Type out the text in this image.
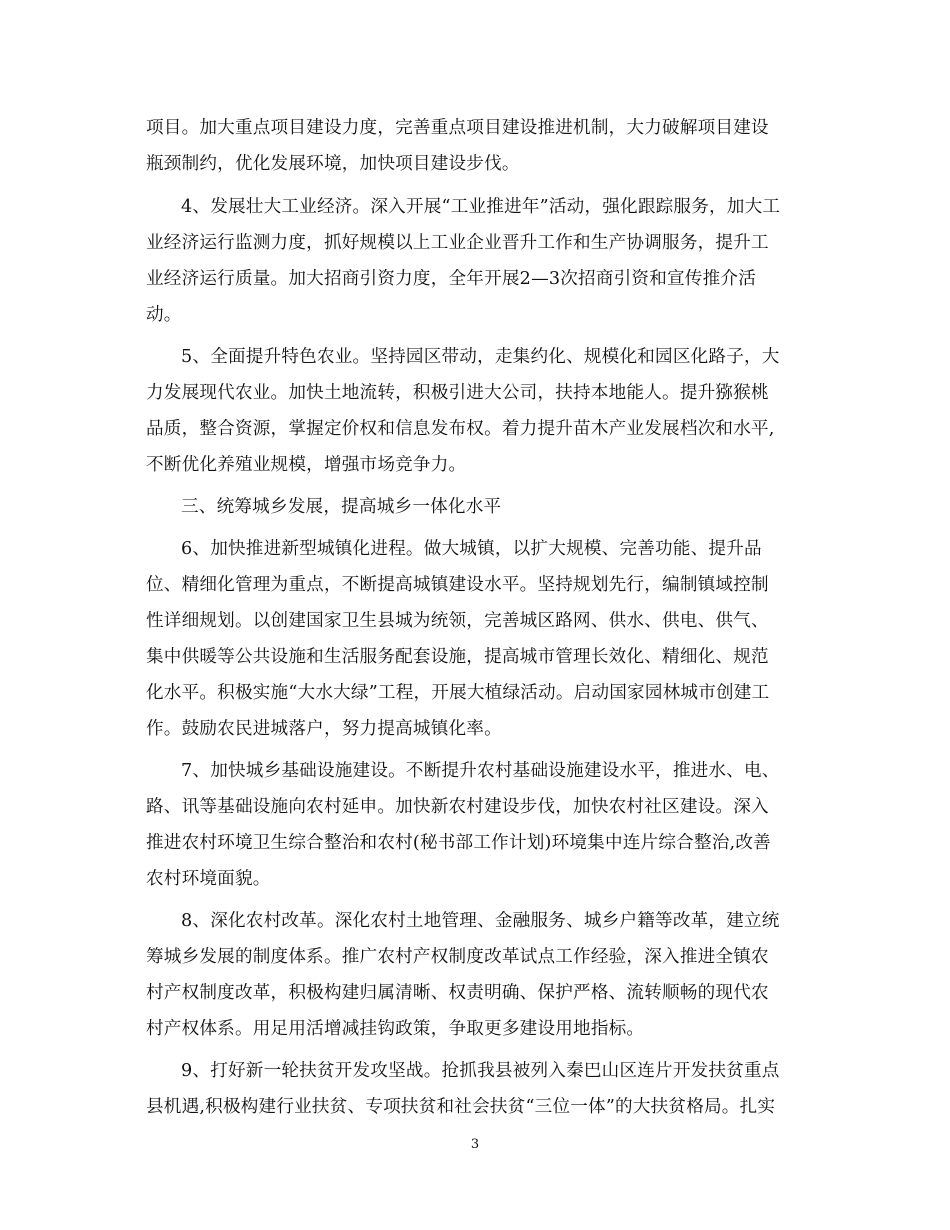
项目。加大重点项目建设力度，完善重点项目建设推进机制，大力破解项目建设
瓶颈制约，优化发展环境，加快项目建设步伐。
4、发展壮大工业经济。深入开展“工业推进年”活动，强化跟踪服务，加大工
业经济运行监测力度，抓好规模以上工业企业晋升工作和生产协调服务，提升工
业经济运行质量。加大招商引资力度，全年开展2—3次招商引资和宣传推介活
动。
5、全面提升特色农业。坚持园区带动，走集约化、规模化和园区化路子，大
力发展现代农业。加快土地流转，积极引进大公司，扶持本地能人。提升猕猴桃
品质，整合资源，掌握定价权和信息发布权。着力提升苗木产业发展档次和水平,
不断优化养殖业规模，增强市场竞争力。
三、统筹城乡发展，提高城乡一体化水平
6、加快推进新型城镇化进程。做大城镇，以扩大规模、完善功能、提升品
位、精细化管理为重点，不断提高城镇建设水平。坚持规划先行，编制镇域控制
性详细规划。以创建国家卫生县城为统领，完善城区路网、供水、供电、供气、
集中供暖等公共设施和生活服务配套设施，提高城市管理长效化、精细化、规范
化水平。积极实施“大水大绿”工程，开展大植绿活动。启动国家园林城市创建工
作。鼓励农民进城落户，努力提高城镇化率。
7、加快城乡基础设施建设。不断提升农村基础设施建设水平，推进水、电、
路、讯等基础设施向农村延申。加快新农村建设步伐，加快农村社区建设。深入
推进农村环境卫生综合整治和农村(秘书部工作计划)环境集中连片综合整治,改善
农村环境面貌。
8、深化农村改革。深化农村土地管理、金融服务、城乡户籍等改革，建立统
筹城乡发展的制度体系。推广农村产权制度改革试点工作经验，深入推进全镇农
村产权制度改革，积极构建归属清晰、权责明确、保护严格、流转顺畅的现代农
村产权体系。用足用活增减挂钩政策，争取更多建设用地指标。
9、打好新一轮扶贫开发攻坚战。抢抓我县被列入秦巴山区连片开发扶贫重点
县机遇,积极构建行业扶贫、专项扶贫和社会扶贫“三位一体”的大扶贫格局。扎实
3
